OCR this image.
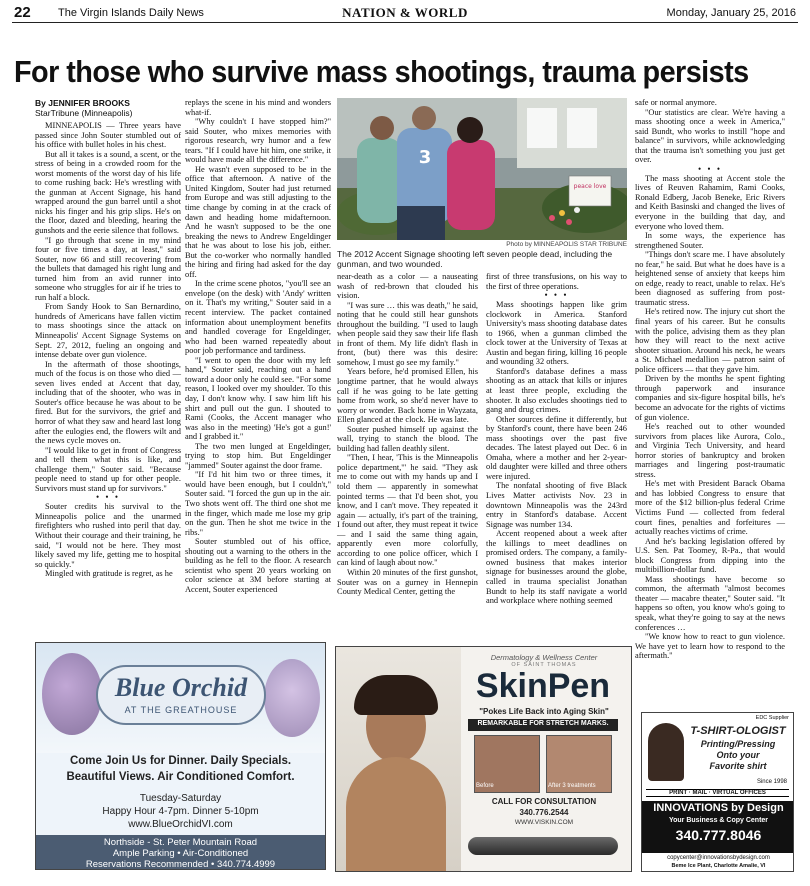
22 The Virgin Islands Daily News	NATION & WORLD	Monday, January 25, 2016
For those who survive mass shootings, trauma persists
By JENNIFER BROOKS
StarTribune (Minneapolis)

MINNEAPOLIS — Three years have passed since John Souter stumbled out of his office with bullet holes in his chest.

But all it takes is a sound, a scent, or the stress of being in a crowded room for the worst moments of the worst day of his life to come rushing back: He's wrestling with the gunman at Accent Signage, his hand wrapped around the gun barrel until a shot nicks his finger and his grip slips. He's on the floor, dazed and bleeding, hearing the gunshots and the eerie silence that follows.

"I go through that scene in my mind four or five times a day, at least," said Souter, now 66 and still recovering from the bullets that damaged his right lung and turned him from an avid runner into someone who struggles for air if he tries to run half a block.

From Sandy Hook to San Bernardino, hundreds of Americans have fallen victim to mass shootings since the attack on Minneapolis' Accent Signage Systems on Sept. 27, 2012, fueling an ongoing and intense debate over gun violence.

In the aftermath of those shootings, much of the focus is on those who died — seven lives ended at Accent that day, including that of the shooter, who was in Souter's office because he was about to be fired. But for the survivors, the grief and horror of what they saw and heard last long after the eulogies end, the flowers wilt and the news cycle moves on.

"I would like to get in front of Congress and tell them what this is like, and challenge them," Souter said. "Because people need to stand up for other people. Survivors must stand up for survivors."

• • •

Souter credits his survival to the Minneapolis police and the unarmed firefighters who rushed into peril that day. Without their courage and their training, he said, "I would not be here. They most likely saved my life, getting me to hospital so quickly."

Mingled with gratitude is regret, as he

replays the scene in his mind and wonders what-if.

"Why couldn't I have stopped him?" said Souter, who mixes memories with rigorous research, wry humor and a few tears. "If I could have hit him, one strike, it would have made all the difference."

He wasn't even supposed to be in the office that afternoon. A native of the United Kingdom, Souter had just returned from Europe and was still adjusting to the time change by coming in at the crack of dawn and heading home midafternoon. And he wasn't supposed to be the one breaking the news to Andrew Engeldinger that he was about to lose his job, either. But the co-worker who normally handled the hiring and firing had asked for the day off.

In the crime scene photos, "you'll see an envelope (on the desk) with 'Andy' written on it. That's my writing," Souter said in a recent interview. The packet contained information about unemployment benefits and handled coverage for Engeldinger, who had been warned repeatedly about poor job performance and tardiness.

"I went to open the door with my left hand," Souter said, reaching out a hand toward a door only he could see. "For some reason, I looked over my shoulder. To this day, I don't know why. I saw him lift his shirt and pull out the gun. I shouted to Rami (Cooks, the Accent manager who was also in the meeting) 'He's got a gun!' and I grabbed it."

The two men lunged at Engeldinger, trying to stop him. But Engeldinger "jammed" Souter against the door frame.

"If I'd hit him two or three times, it would have been enough, but I couldn't," Souter said. "I forced the gun up in the air. Two shots went off. The third one shot me in the finger, which made me lose my grip on the gun. Then he shot me twice in the ribs."

Souter stumbled out of his office, shouting out a warning to the others in the building as he fell to the floor. A research scientist who spent 20 years working on color science at 3M before starting at Accent, Souter experienced

peace love
3
Photo by MINNEAPOLIS STAR TRIBUNE
The 2012 Accent Signage shooting left seven people dead, including the gunman, and two wounded.

near-death as a color — a nauseating wash of red-brown that clouded his vision.

"I was sure … this was death," he said, noting that he could still hear gunshots throughout the building. "I used to laugh when people said they saw their life flash in front of them. My life didn't flash in front, (but) there was this desire: somehow, I must go see my family."

Years before, he'd promised Ellen, his longtime partner, that he would always call if he was going to be late getting home from work, so she'd never have to worry or wonder. Back home in Wayzata, Ellen glanced at the clock. He was late.

Souter pushed himself up against the wall, trying to stanch the blood. The building had fallen deathly silent.

"Then, I hear, 'This is the Minneapolis police department,'" he said. "They ask me to come out with my hands up and I told them — apparently in somewhat pointed terms — that I'd been shot, you know, and I can't move. They repeated it again — actually, it's part of the training, I found out after, they must repeat it twice — and I said the same thing again, apparently even more colorfully, according to one police officer, which I can kind of laugh about now."

Within 20 minutes of the first gunshot, Souter was on a gurney in Hennepin County Medical Center, getting the

first of three transfusions, on his way to the first of three operations.

• • •

Mass shootings happen like grim clockwork in America. Stanford University's mass shooting database dates to 1966, when a gunman climbed the clock tower at the University of Texas at Austin and began firing, killing 16 people and wounding 32 others.

Stanford's database defines a mass shooting as an attack that kills or injures at least three people, excluding the shooter. It also excludes shootings tied to gang and drug crimes.

Other sources define it differently, but by Stanford's count, there have been 246 mass shootings over the past five decades. The latest played out Dec. 6 in Omaha, where a mother and her 2-year-old daughter were killed and three others were injured.

The nonfatal shooting of five Black Lives Matter activists Nov. 23 in downtown Minneapolis was the 243rd entry in Stanford's database. Accent Signage was number 134.

Accent reopened about a week after the killings to meet deadlines on promised orders. The company, a family-owned business that makes interior signage for businesses around the globe, called in trauma specialist Jonathan Bundt to help its staff navigate a world and workplace where nothing seemed

safe or normal anymore.

"Our statistics are clear. We're having a mass shooting once a week in America," said Bundt, who works to instill "hope and balance" in survivors, while acknowledging that the trauma isn't something you just get over.

• • •

The mass shooting at Accent stole the lives of Reuven Rahamim, Rami Cooks, Ronald Edberg, Jacob Beneke, Eric Rivers and Keith Basinski and changed the lives of everyone in the building that day, and everyone who loved them.

In some ways, the experience has strengthened Souter.

"Things don't scare me. I have absolutely no fear," he said. But what he does have is a heightened sense of anxiety that keeps him on edge, ready to react, unable to relax. He's been diagnosed as suffering from post-traumatic stress.

He's retired now. The injury cut short the final years of his career. But he consults with the police, advising them as they plan how they will react to the next active shooter situation. Around his neck, he wears a St. Michael medallion — patron saint of police officers — that they gave him.

Driven by the months he spent fighting through paperwork and insurance companies and six-figure hospital bills, he's become an advocate for the rights of victims of gun violence.

He's reached out to other wounded survivors from places like Aurora, Colo., and Virginia Tech University, and heard horror stories of bankruptcy and broken marriages and lingering post-traumatic stress.

He's met with President Barack Obama and has lobbied Congress to ensure that more of the $12 billion-plus federal Crime Victims Fund — collected from federal court fines, penalties and forfeitures — actually reaches victims of crime.

And he's backing legislation offered by U.S. Sen. Pat Toomey, R-Pa., that would block Congress from dipping into the multibillion-dollar fund.

Mass shootings have become so common, the aftermath "almost becomes theater — macabre theater," Souter said. "It happens so often, you know who's going to speak, what they're going to say at the news conferences …

"We know how to react to gun violence. We have yet to learn how to respond to the aftermath."

Blue Orchid
AT THE GREATHOUSE
Come Join Us for Dinner. Daily Specials.
Beautiful Views. Air Conditioned Comfort.
Tuesday-Saturday
Happy Hour 4-7pm. Dinner 5-10pm
www.BlueOrchidVI.com
Northside - St. Peter Mountain Road
Ample Parking • Air-Conditioned
Reservations Recommended • 340.774.4999
Dermatology & Wellness Center
OF SAINT THOMAS
SkinPen
"Pokes Life Back into Aging Skin"
REMARKABLE FOR STRETCH MARKS.
Before	After 3 treatments
CALL FOR CONSULTATION
340.776.2544
WWW.VISKIN.COM
EDC Supplier
T-SHIRT-OLOGIST
Printing/Pressing
Onto your
Favorite shirt
Since 1998
PRINT · MAIL · VIRTUAL OFFICES
INNOVATIONS by Design
Your Business & Copy Center
340.777.8046
copycenter@innovationsbydesign.com
Beme Ice Plant, Charlotte Amalie, VI
